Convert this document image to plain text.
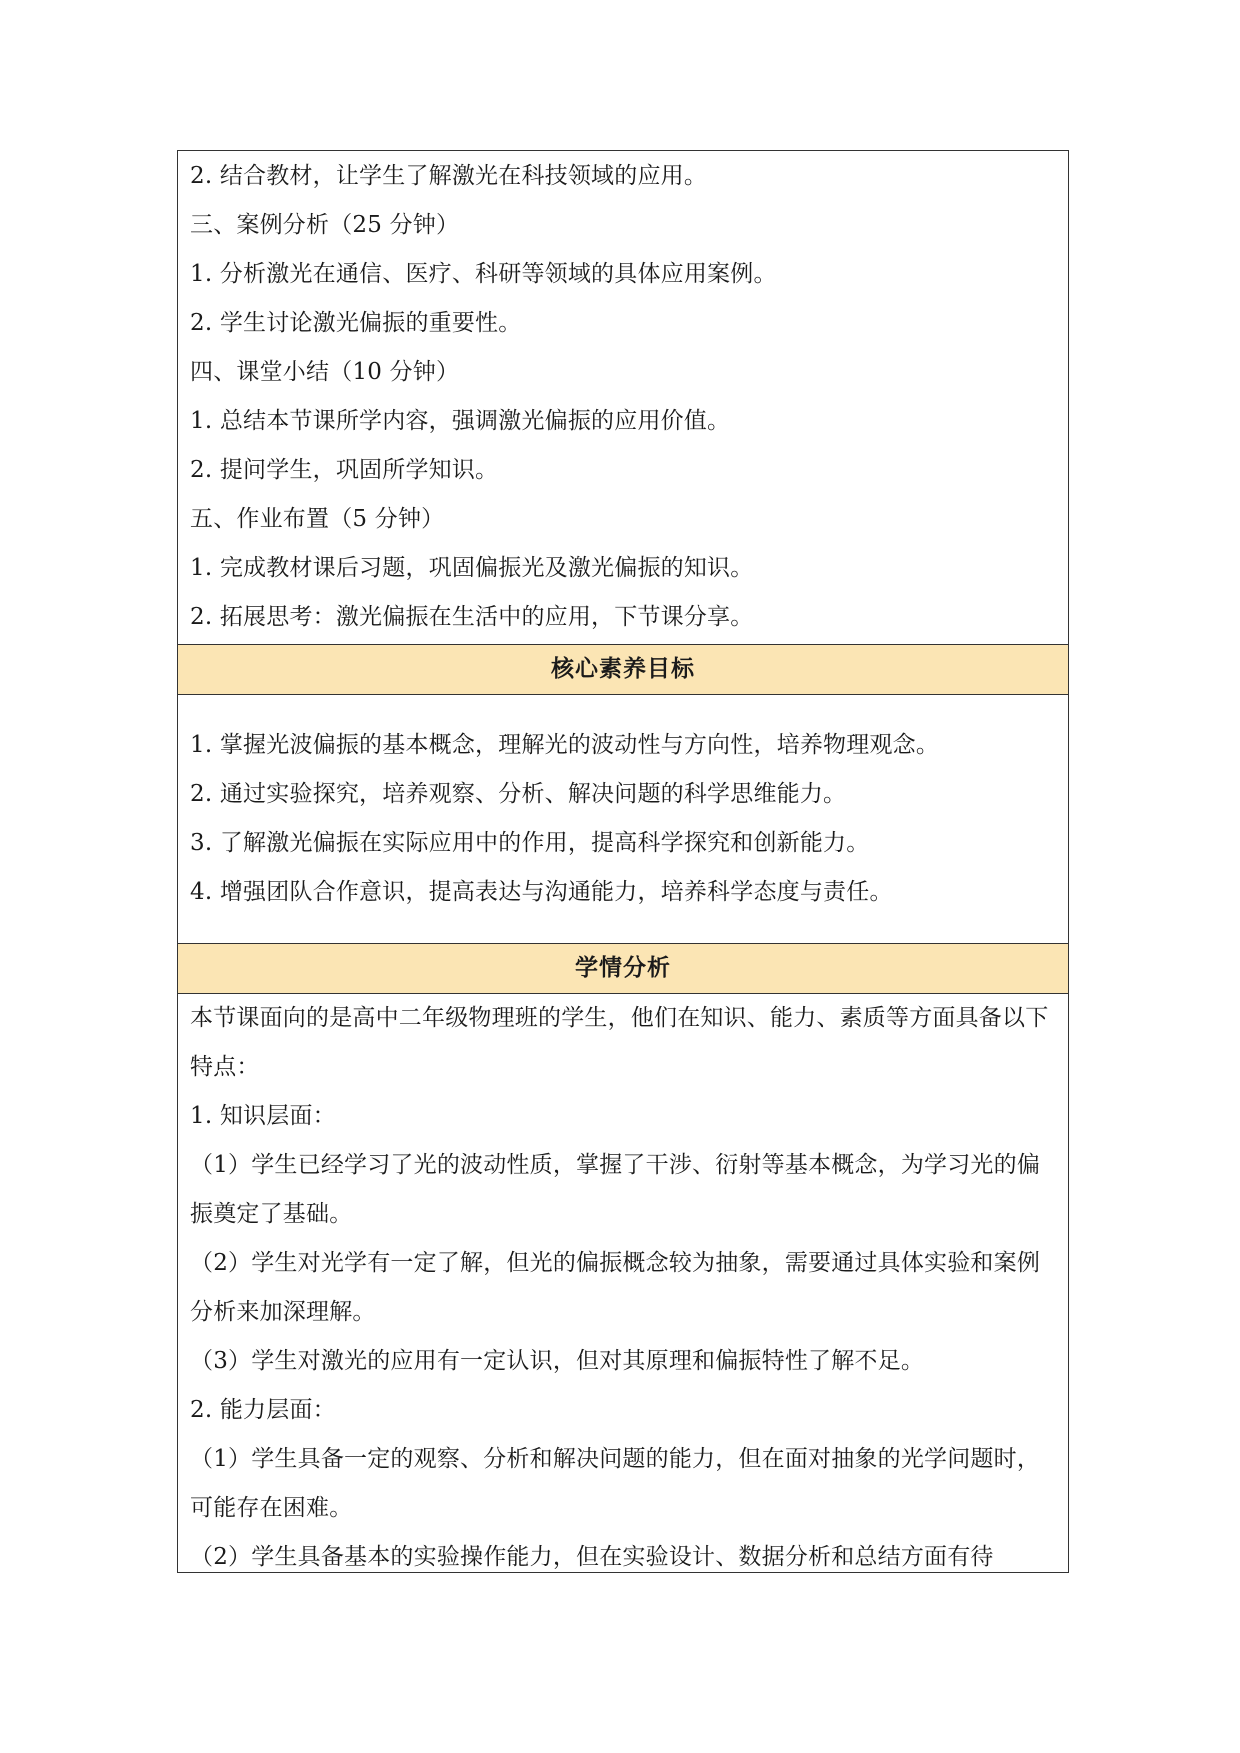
2. 结合教材，让学生了解激光在科技领域的应用。

三、案例分析（25 分钟）

1. 分析激光在通信、医疗、科研等领域的具体应用案例。

2. 学生讨论激光偏振的重要性。

四、课堂小结（10 分钟）

1. 总结本节课所学内容，强调激光偏振的应用价值。

2. 提问学生，巩固所学知识。

五、作业布置（5 分钟）

1. 完成教材课后习题，巩固偏振光及激光偏振的知识。

2. 拓展思考：激光偏振在生活中的应用，下节课分享。

核心素养目标

1. 掌握光波偏振的基本概念，理解光的波动性与方向性，培养物理观念。

2. 通过实验探究，培养观察、分析、解决问题的科学思维能力。

3. 了解激光偏振在实际应用中的作用，提高科学探究和创新能力。

4. 增强团队合作意识，提高表达与沟通能力，培养科学态度与责任。

学情分析

本节课面向的是高中二年级物理班的学生，他们在知识、能力、素质等方面具备以下特点：

1. 知识层面：

（1）学生已经学习了光的波动性质，掌握了干涉、衍射等基本概念，为学习光的偏振奠定了基础。

（2）学生对光学有一定了解，但光的偏振概念较为抽象，需要通过具体实验和案例分析来加深理解。

（3）学生对激光的应用有一定认识，但对其原理和偏振特性了解不足。

2. 能力层面：

（1）学生具备一定的观察、分析和解决问题的能力，但在面对抽象的光学问题时，可能存在困难。

（2）学生具备基本的实验操作能力，但在实验设计、数据分析和总结方面有待
